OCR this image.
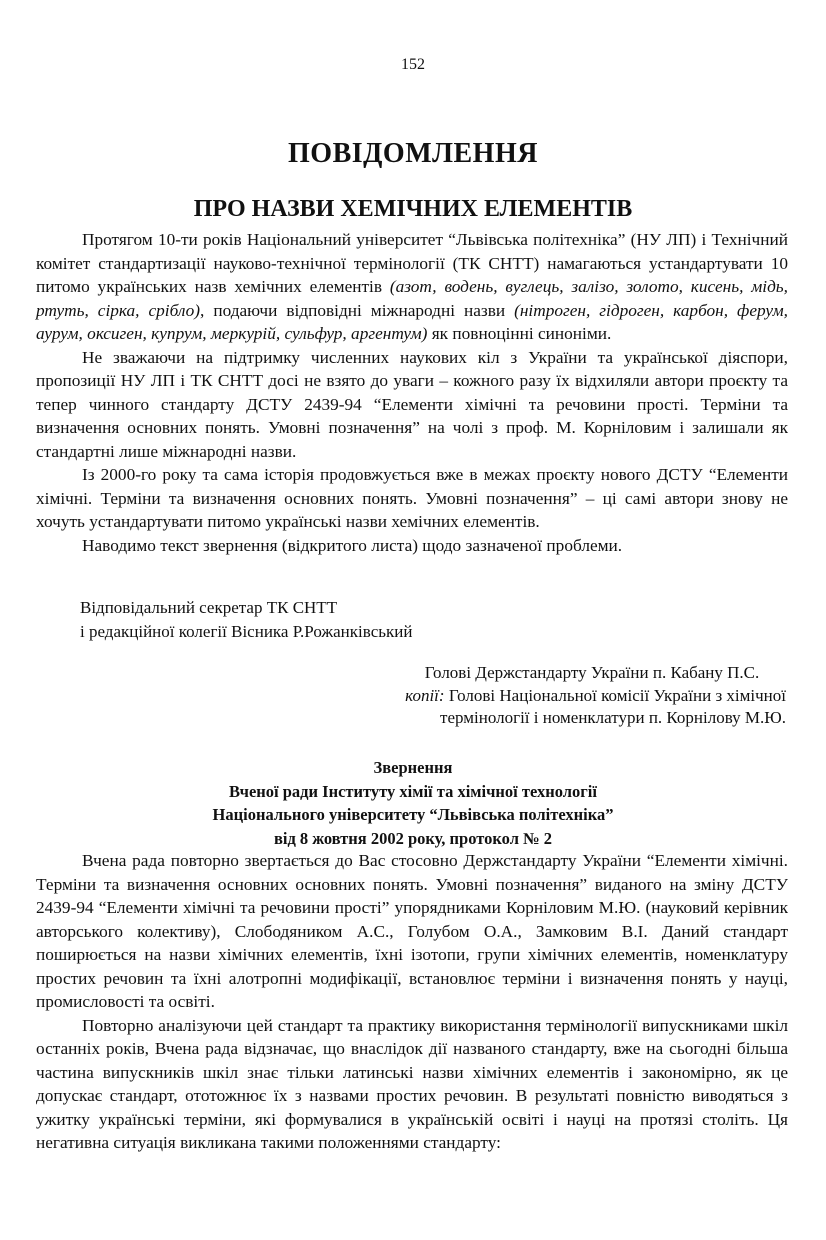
152
ПОВІДОМЛЕННЯ
ПРО НАЗВИ ХЕМІЧНИХ ЕЛЕМЕНТІВ

Протягом 10-ти років Національний університет “Львівська політехніка” (НУ ЛП) і Технічний комітет стандартизації науково-технічної термінології (ТК СНТТ) намагаються устандартувати 10 питомо українських назв хемічних елементів (азот, водень, вуглець, залізо, золото, кисень, мідь, ртуть, сірка, срібло), подаючи відповідні міжнародні назви (нітроген, гідроген, карбон, ферум, аурум, оксиген, купрум, меркурій, сульфур, аргентум) як повноцінні синоніми.

Не зважаючи на підтримку численних наукових кіл з України та української діяспори, пропозиції НУ ЛП і ТК СНТТ досі не взято до уваги – кожного разу їх відхиляли автори проєкту та тепер чинного стандарту ДСТУ 2439-94 “Елементи хімічні та речовини прості. Терміни та визначення основних понять. Умовні позначення” на чолі з проф. М. Корніловим і залишали як стандартні лише міжнародні назви.

Із 2000-го року та сама історія продовжується вже в межах проєкту нового ДСТУ “Елементи хімічні. Терміни та визначення основних понять. Умовні позначення” – ці самі автори знову не хочуть устандартувати питомо українські назви хемічних елементів.

Наводимо текст звернення (відкритого листа) щодо зазначеної проблеми.

Відповідальний секретар ТК СНТТ
і редакційної колегії Вісника Р.Рожанківський
Голові Держстандарту України п. Кабану П.С.
копії: Голові Національної комісії України з хімічної
термінології і номенклатури п. Корнілову М.Ю.
Звернення
Вченої ради Інституту хімії та хімічної технології
Національного університету “Львівська політехніка”
від 8 жовтня 2002 року, протокол № 2

Вчена рада повторно звертається до Вас стосовно Держстандарту України “Елементи хімічні. Терміни та визначення основних основних понять. Умовні позначення” виданого на зміну ДСТУ 2439-94 “Елементи хімічні та речовини прості” упорядниками Корніловим М.Ю. (науковий керівник авторського колективу), Слободяником А.С., Голубом О.А., Замковим В.І. Даний стандарт поширюється на назви хімічних елементів, їхні ізотопи, групи хімічних елементів, номенклатуру простих речовин та їхні алотропні модифікації, встановлює терміни і визначення понять у науці, промисловості та освіті.

Повторно аналізуючи цей стандарт та практику використання термінології випускниками шкіл останніх років, Вчена рада відзначає, що внаслідок дії названого стандарту, вже на сьогодні більша частина випускників шкіл знає тільки латинські назви хімічних елементів і закономірно, як це допускає стандарт, ототожнює їх з назвами простих речовин. В результаті повністю виводяться з ужитку українські терміни, які формувалися в українській освіті і науці на протязі століть. Ця негативна ситуація викликана такими положеннями стандарту:
